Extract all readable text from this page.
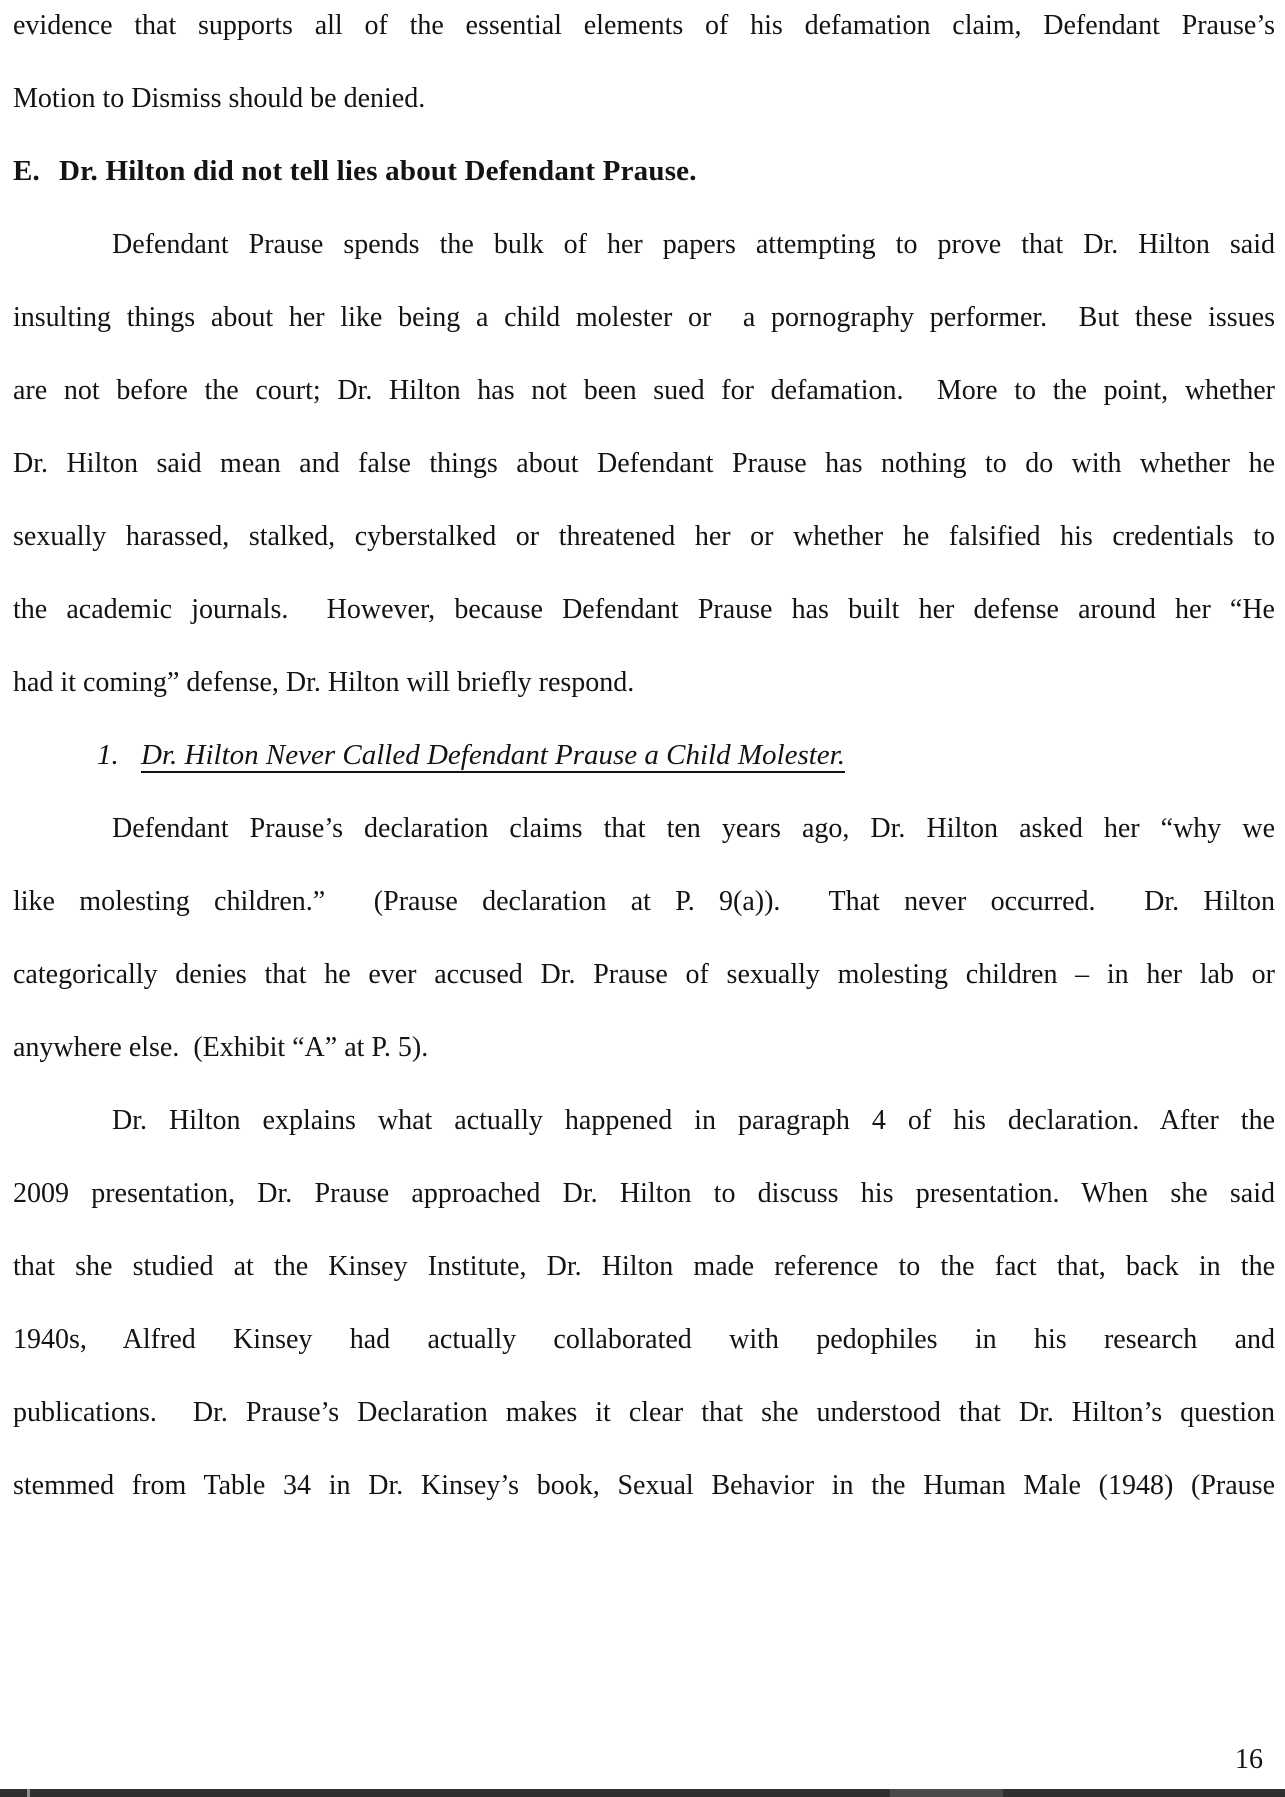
evidence that supports all of the essential elements of his defamation claim, Defendant Prause’s
Motion to Dismiss should be denied.
E. Dr. Hilton did not tell lies about Defendant Prause.
Defendant Prause spends the bulk of her papers attempting to prove that Dr. Hilton said
insulting things about her like being a child molester or  a pornography performer.  But these issues
are not before the court; Dr. Hilton has not been sued for defamation.  More to the point, whether
Dr. Hilton said mean and false things about Defendant Prause has nothing to do with whether he
sexually harassed, stalked, cyberstalked or threatened her or whether he falsified his credentials to
the academic journals.  However, because Defendant Prause has built her defense around her “He
had it coming” defense, Dr. Hilton will briefly respond.
1. Dr. Hilton Never Called Defendant Prause a Child Molester.
Defendant Prause’s declaration claims that ten years ago, Dr. Hilton asked her “why we
like molesting children.”  (Prause declaration at P. 9(a)).  That never occurred.  Dr. Hilton
categorically denies that he ever accused Dr. Prause of sexually molesting children – in her lab or
anywhere else.  (Exhibit “A” at P. 5).
Dr. Hilton explains what actually happened in paragraph 4 of his declaration. After the
2009 presentation, Dr. Prause approached Dr. Hilton to discuss his presentation. When she said
that she studied at the Kinsey Institute, Dr. Hilton made reference to the fact that, back in the
1940s, Alfred Kinsey had actually collaborated with pedophiles in his research and
publications.  Dr. Prause’s Declaration makes it clear that she understood that Dr. Hilton’s question
stemmed from Table 34 in Dr. Kinsey’s book, Sexual Behavior in the Human Male (1948) (Prause
16
